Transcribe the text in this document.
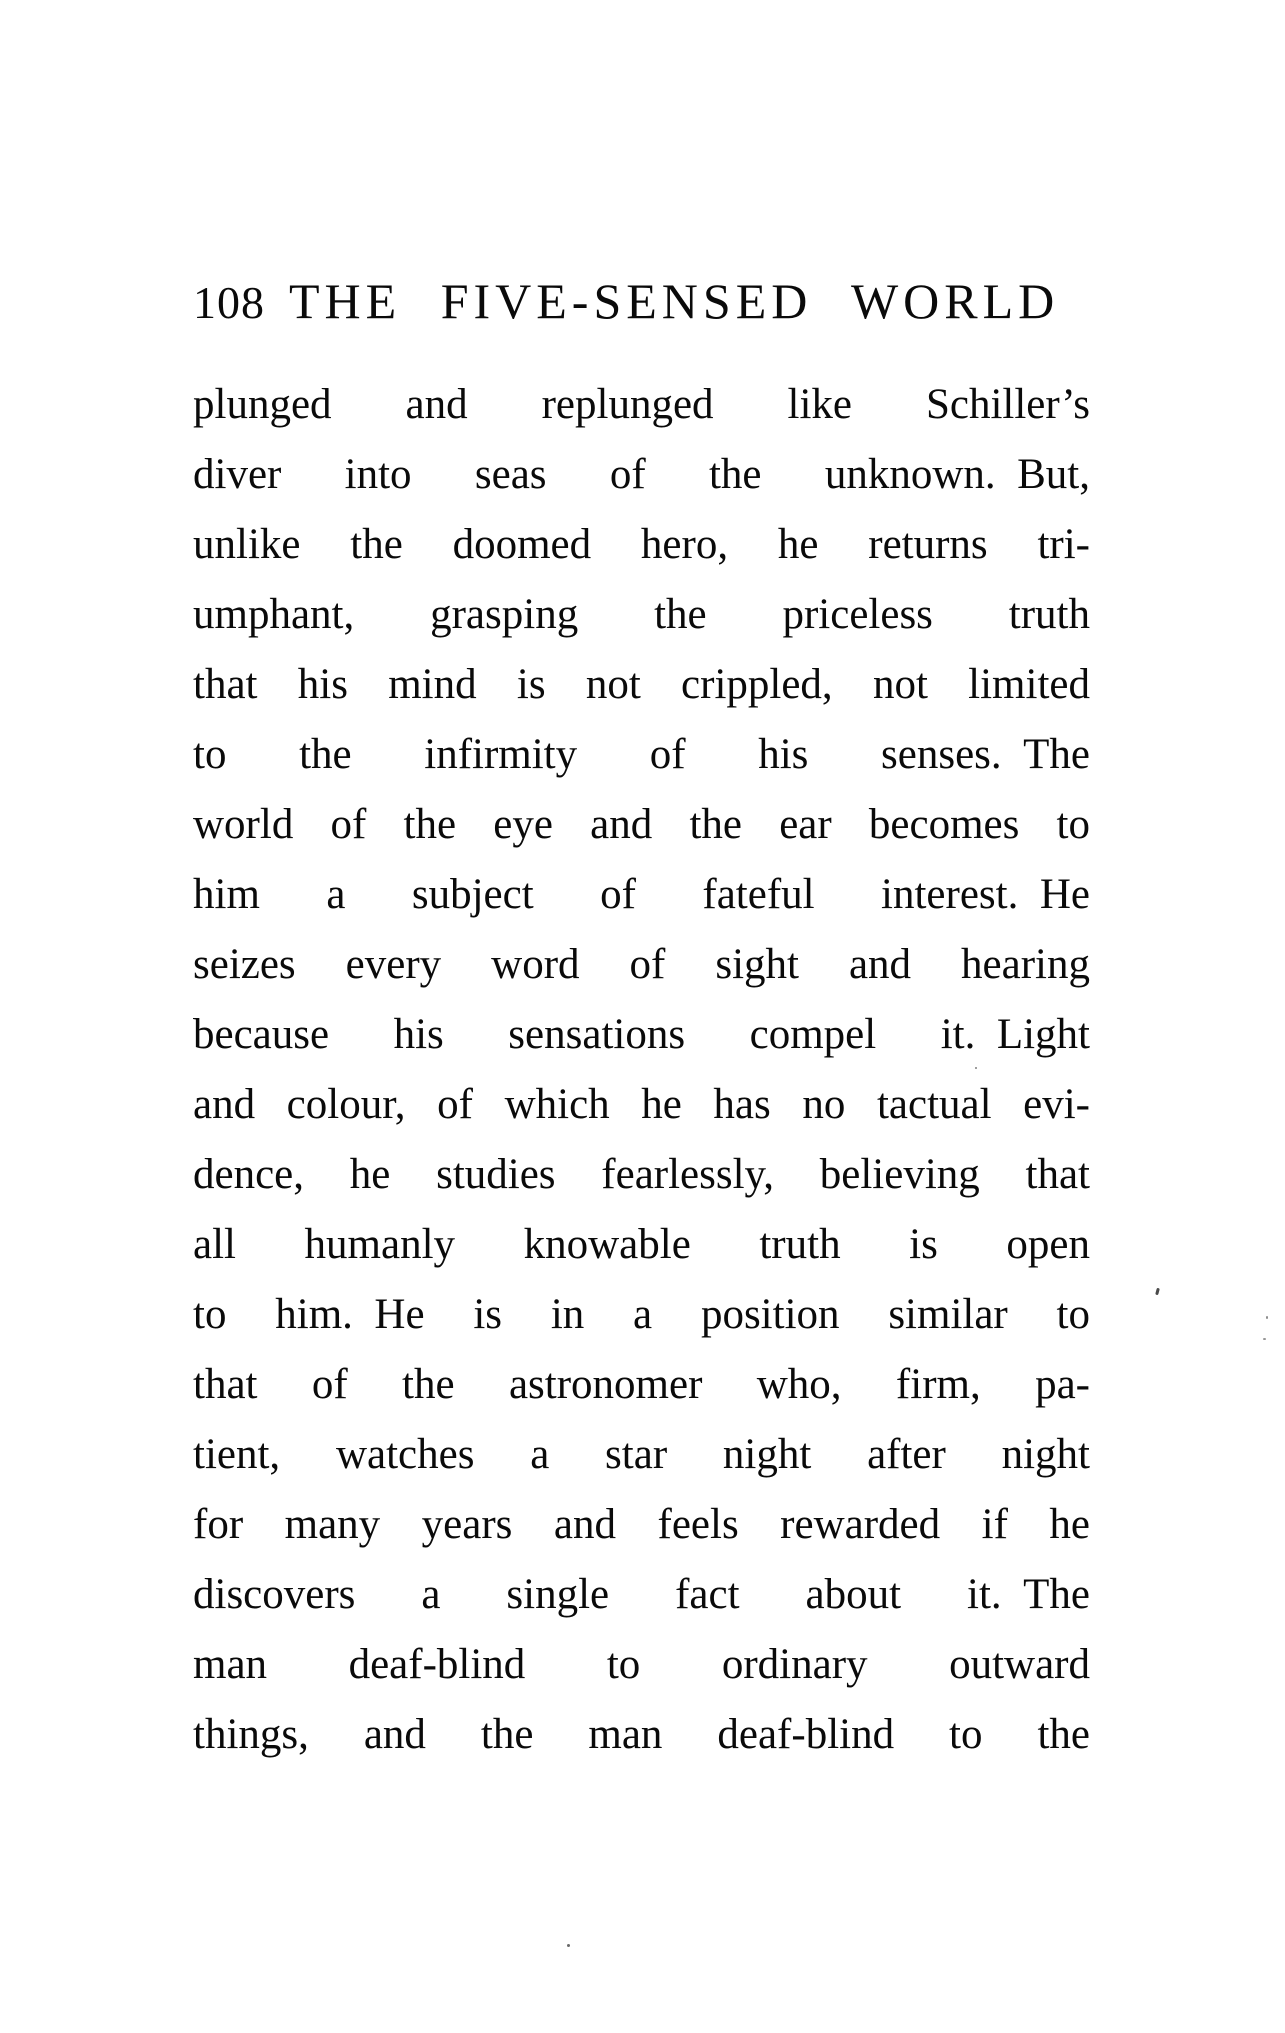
108 THE FIVE-SENSED WORLD
plunged and replunged like Schiller’s
diver into seas of the unknown. But,
unlike the doomed hero, he returns tri-
umphant, grasping the priceless truth
that his mind is not crippled, not limited
to the infirmity of his senses. The
world of the eye and the ear becomes to
him a subject of fateful interest. He
seizes every word of sight and hearing
because his sensations compel it. Light
and colour, of which he has no tactual evi-
dence, he studies fearlessly, believing that
all humanly knowable truth is open
to him. He is in a position similar to
that of the astronomer who, firm, pa-
tient, watches a star night after night
for many years and feels rewarded if he
discovers a single fact about it. The
man deaf-blind to ordinary outward
things, and the man deaf-blind to the
